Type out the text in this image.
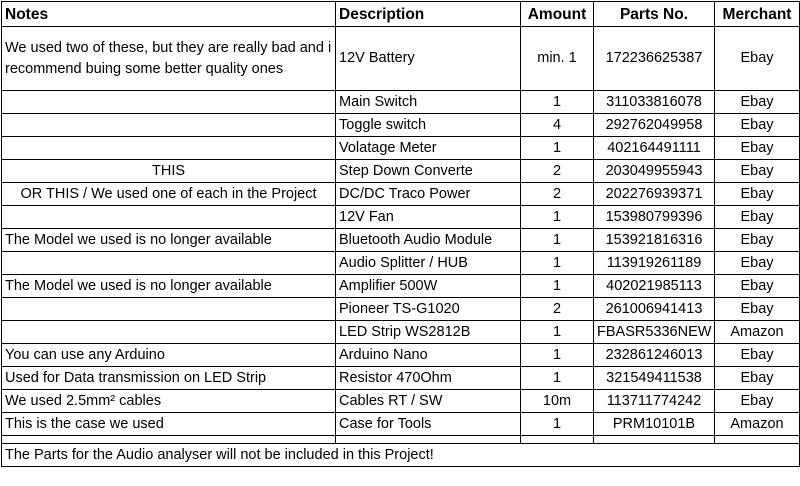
Notes	Description	Amount	Parts No.	Merchant
We used two of these, but they are really bad and i recommend buing some better quality ones	12V Battery	min. 1	172236625387	Ebay
	Main Switch	1	311033816078	Ebay
	Toggle switch	4	292762049958	Ebay
	Volatage Meter	1	402164491111	Ebay
THIS	Step Down Converte	2	203049955943	Ebay
OR THIS / We used one of each in the Project	DC/DC Traco Power	2	202276939371	Ebay
	12V Fan	1	153980799396	Ebay
The Model we used is no longer available	Bluetooth Audio Module	1	153921816316	Ebay
	Audio Splitter / HUB	1	113919261189	Ebay
The Model we used is no longer available	Amplifier 500W	1	402021985113	Ebay
	Pioneer TS-G1020	2	261006941413	Ebay
	LED Strip WS2812B	1	FBASR5336NEW	Amazon
You can use any Arduino	Arduino Nano	1	232861246013	Ebay
Used for Data transmission on LED Strip	Resistor 470Ohm	1	321549411538	Ebay
We used 2.5mm² cables	Cables RT / SW	10m	113711774242	Ebay
This is the case we used	Case for Tools	1	PRM10101B	Amazon

The Parts for the Audio analyser will not be included in this Project!				
